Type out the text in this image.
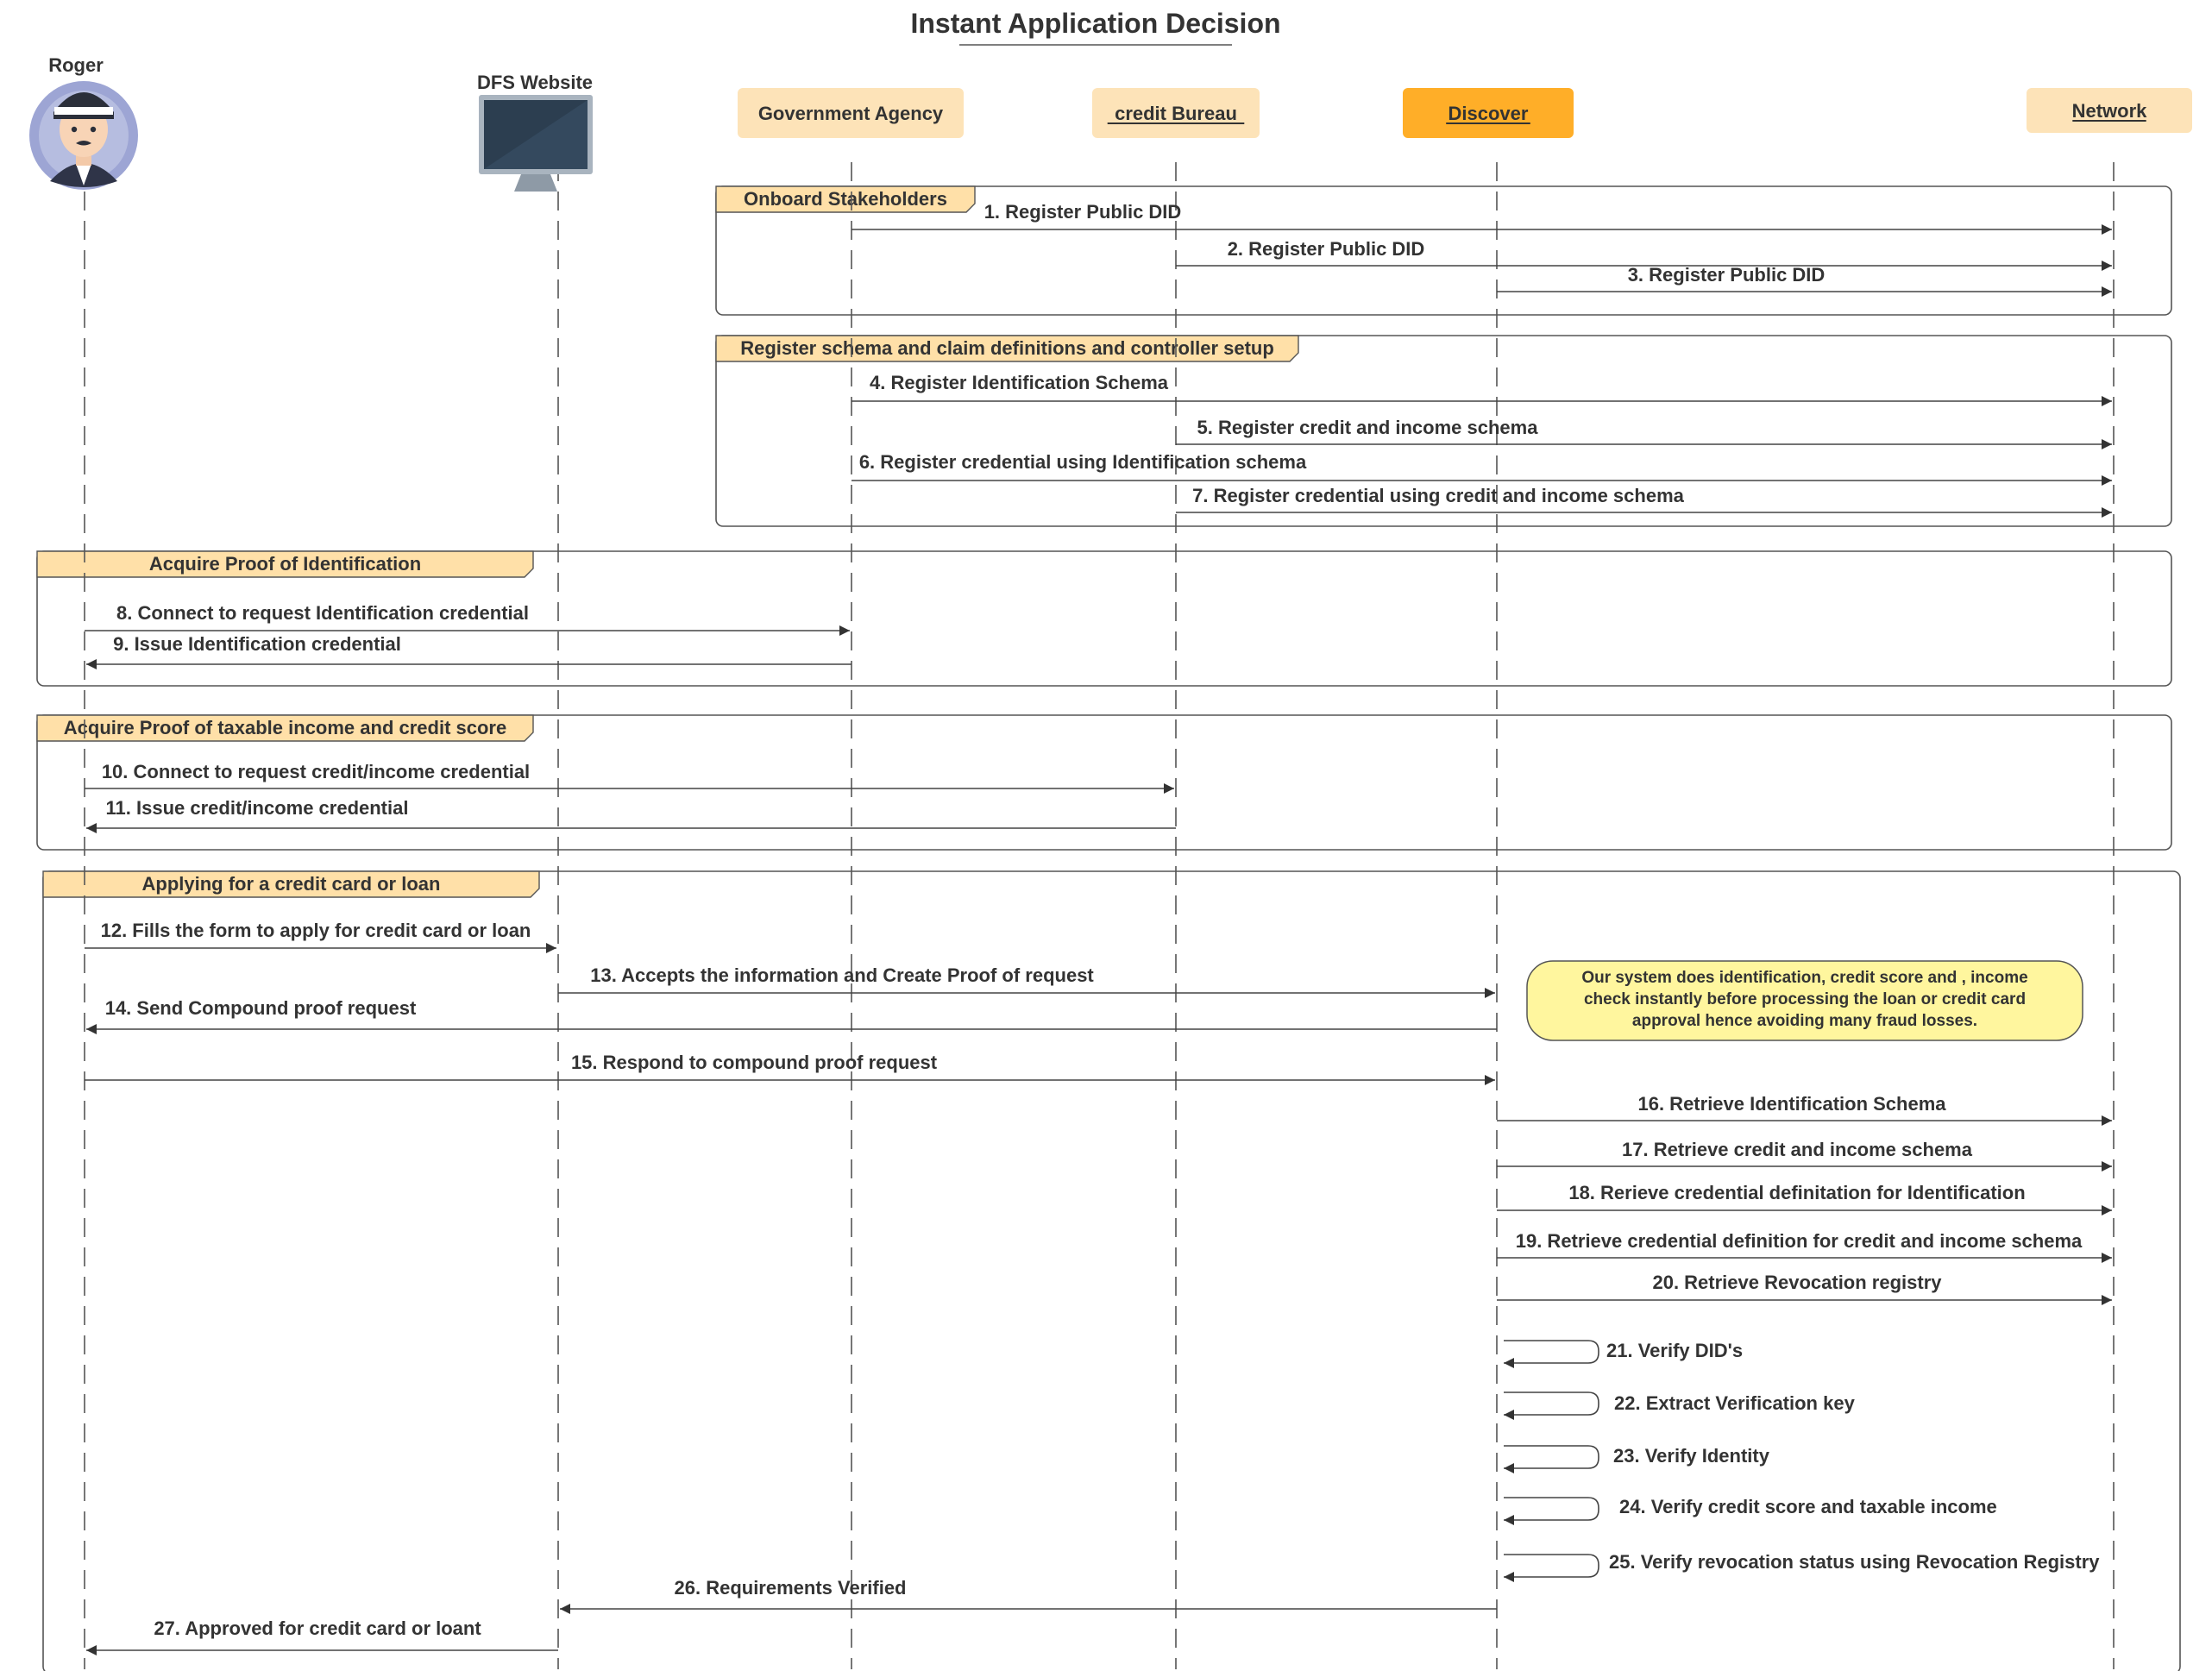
Instant Application Decision
Onboard Stakeholders
Register schema and claim definitions and controller setup
Acquire Proof of Identification
Acquire Proof of taxable income and credit score
Applying for a credit card or loan
Roger
DFS Website
Government Agency	credit Bureau	Discover	Network
1. Register Public DID
2. Register Public DID
3. Register Public DID
4. Register Identification Schema
5. Register credit and income schema
6. Register credential using Identification schema
7. Register credential using credit and income schema
8. Connect to request Identification credential
9. Issue Identification credential
10. Connect to request credit/income credential
11. Issue credit/income credential
12. Fills the form to apply for credit card or loan
13. Accepts the information and Create Proof of request
14. Send Compound proof request
15. Respond to compound proof request
16. Retrieve Identification Schema
17. Retrieve credit and income schema
18. Rerieve credential definitation for Identification
19. Retrieve credential definition for credit and income schema
20. Retrieve Revocation registry
21. Verify DID's
22. Extract Verification key
23. Verify Identity
24. Verify credit score and taxable income
25. Verify revocation status using Revocation Registry
26. Requirements Verified
27. Approved for credit card or loant
Our system does identification, credit score and , income
check instantly before processing the loan or credit card
approval hence avoiding many fraud losses.
